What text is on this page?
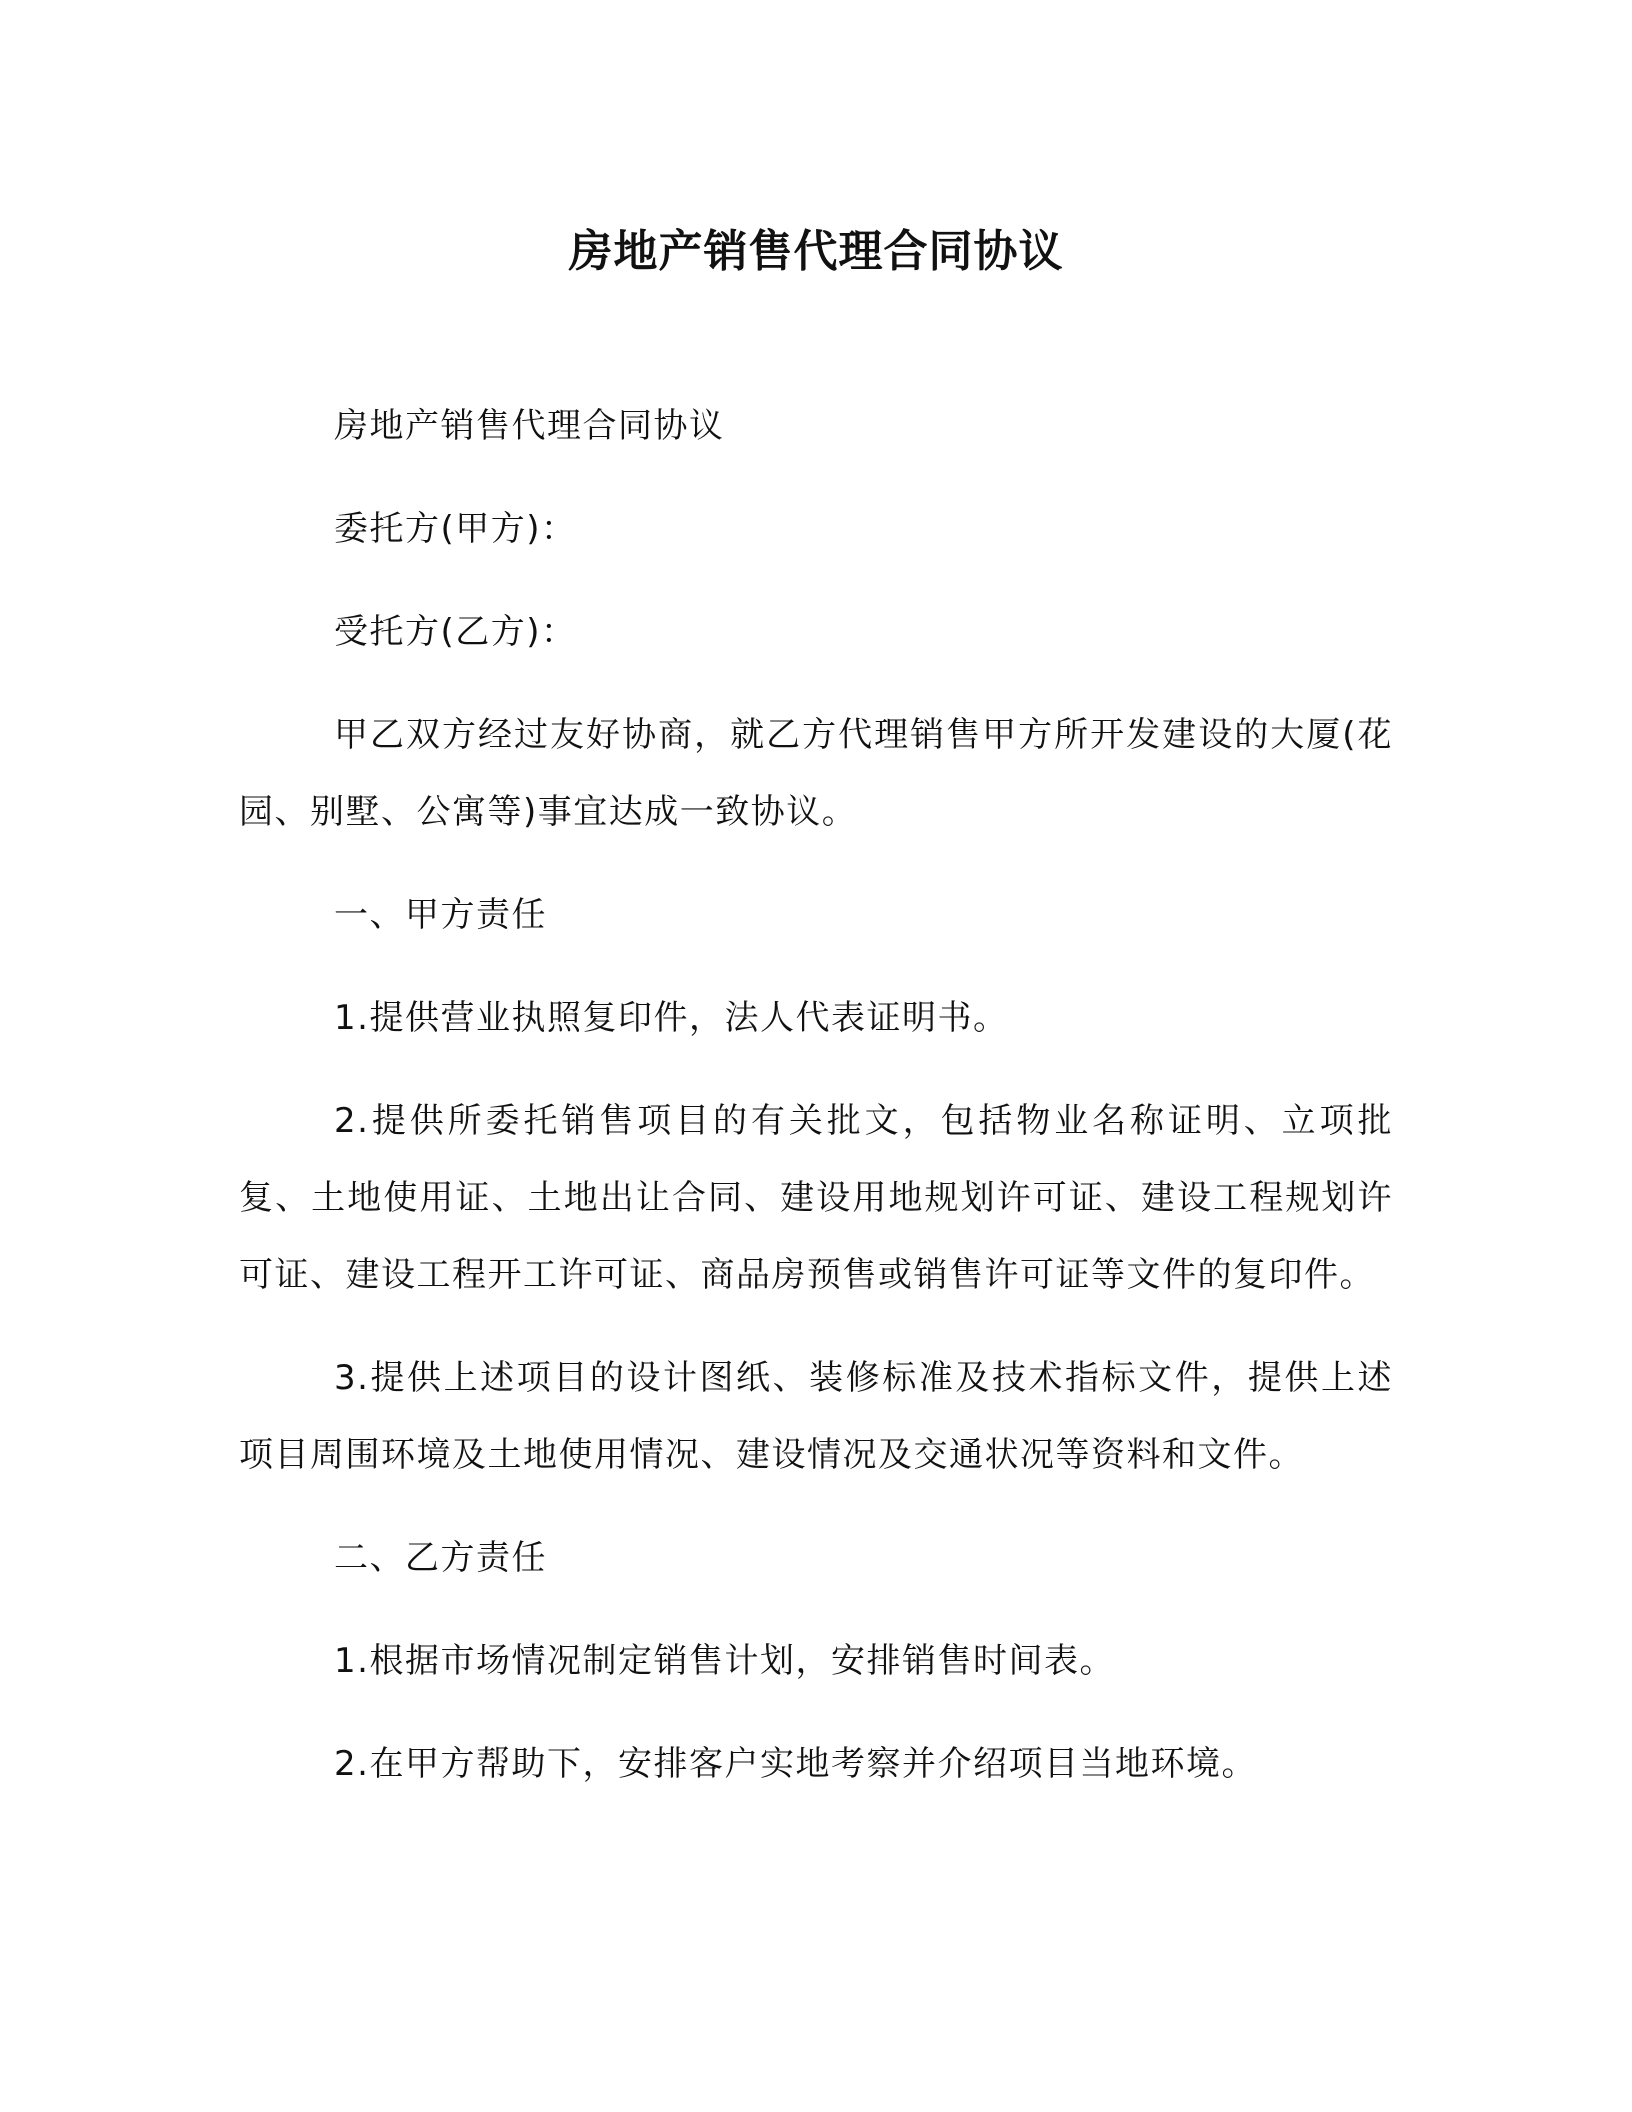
房地产销售代理合同协议

房地产销售代理合同协议

委托方(甲方)：

受托方(乙方)：

甲乙双方经过友好协商，就乙方代理销售甲方所开发建设的大厦(花园、别墅、公寓等)事宜达成一致协议。

一、甲方责任

1.提供营业执照复印件，法人代表证明书。

2.提供所委托销售项目的有关批文，包括物业名称证明、立项批复、土地使用证、土地出让合同、建设用地规划许可证、建设工程规划许可证、建设工程开工许可证、商品房预售或销售许可证等文件的复印件。

3.提供上述项目的设计图纸、装修标准及技术指标文件，提供上述项目周围环境及土地使用情况、建设情况及交通状况等资料和文件。

二、乙方责任

1.根据市场情况制定销售计划，安排销售时间表。

2.在甲方帮助下，安排客户实地考察并介绍项目当地环境。
